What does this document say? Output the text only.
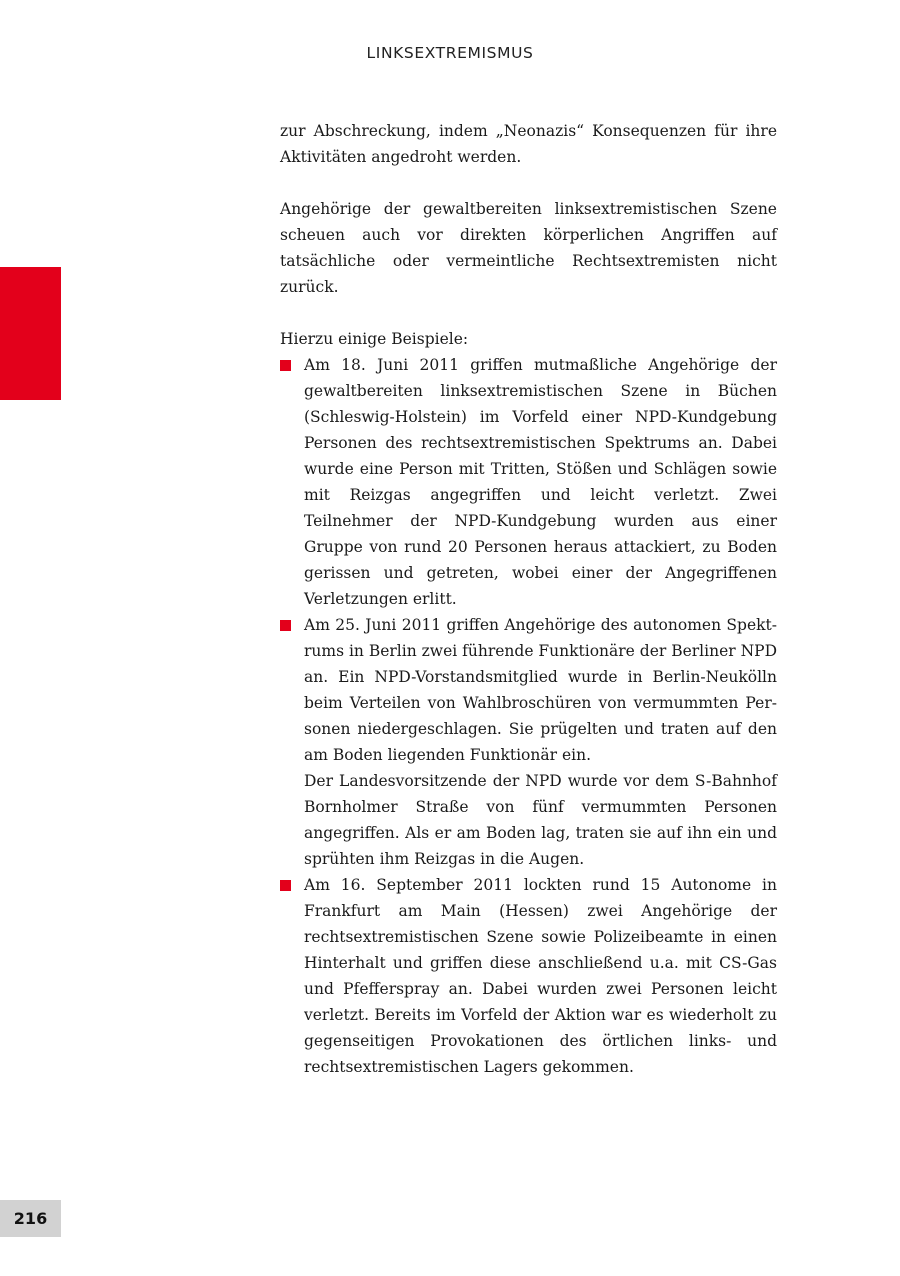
LINKSEXTREMISMUS

zur Abschreckung, indem „Neonazis“ Konsequenzen für ihre Aktivitäten angedroht werden.

Angehörige der gewaltbereiten linksextremistischen Szene scheuen auch vor direkten körperlichen Angriffen auf tatsächliche oder vermeintliche Rechtsextremisten nicht zurück.

Hierzu einige Beispiele:

Am 18. Juni 2011 griffen mutmaßliche Angehörige der gewaltbereiten linksextremistischen Szene in Büchen (Schleswig-Holstein) im Vorfeld einer NPD-Kundgebung Personen des rechtsextremistischen Spektrums an. Dabei wurde eine Person mit Tritten, Stößen und Schlägen sowie mit Reizgas angegriffen und leicht verletzt. Zwei Teilnehmer der NPD-Kundgebung wurden aus einer Gruppe von rund 20 Personen heraus attackiert, zu Boden gerissen und getreten, wobei einer der Angegriffenen Verletzungen erlitt.

Am 25. Juni 2011 griffen Angehörige des autonomen Spektrums in Berlin zwei führende Funktionäre der Berliner NPD an. Ein NPD-Vorstandsmitglied wurde in Berlin-Neukölln beim Verteilen von Wahlbroschüren von vermummten Personen niedergeschlagen. Sie prügelten und traten auf den am Boden liegenden Funktionär ein.

Der Landesvorsitzende der NPD wurde vor dem S-Bahnhof Bornholmer Straße von fünf vermummten Personen angegriffen. Als er am Boden lag, traten sie auf ihn ein und sprühten ihm Reizgas in die Augen.

Am 16. September 2011 lockten rund 15 Autonome in Frankfurt am Main (Hessen) zwei Angehörige der rechtsextremistischen Szene sowie Polizeibeamte in einen Hinterhalt und griffen diese anschließend u.a. mit CS-Gas und Pfefferspray an. Dabei wurden zwei Personen leicht verletzt. Bereits im Vorfeld der Aktion war es wiederholt zu gegenseitigen Provokationen des örtlichen links- und rechtsextremistischen Lagers gekommen.

216
